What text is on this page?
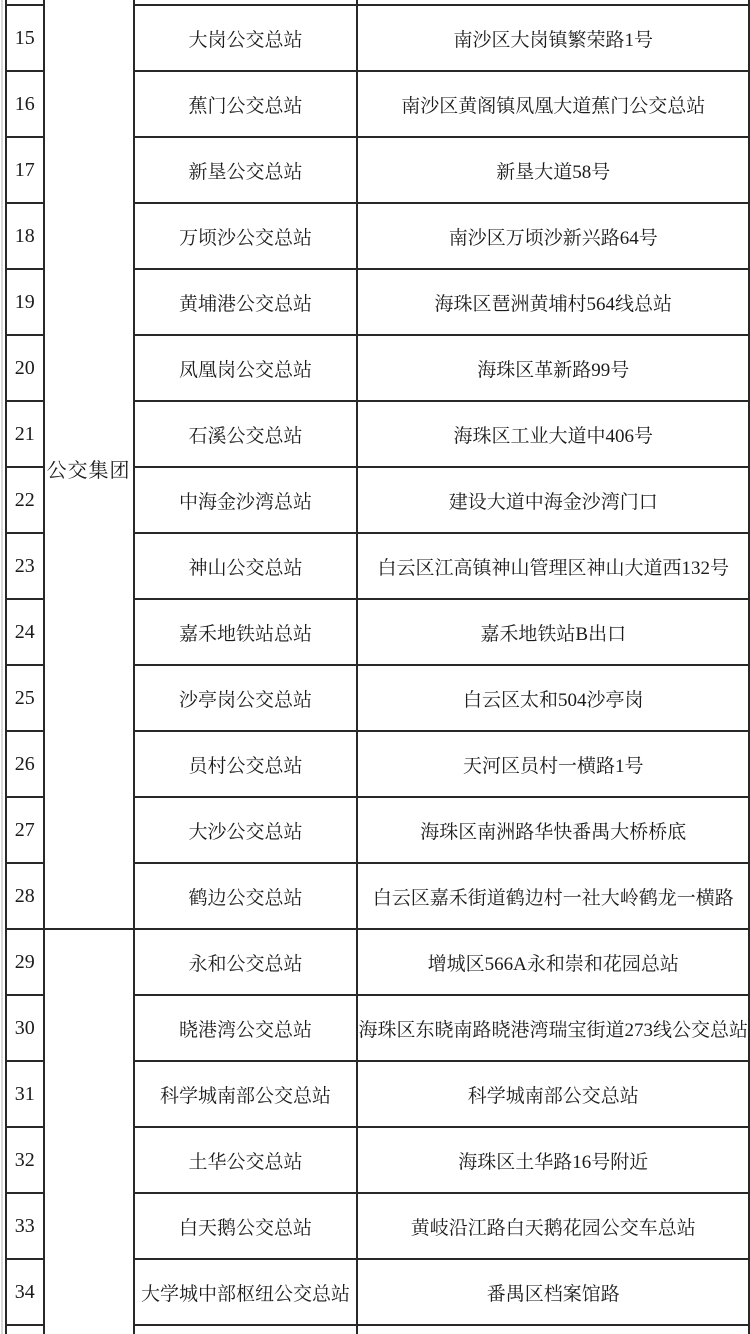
	公交集团		
15		大岗公交总站	南沙区大岗镇繁荣路1号
16		蕉门公交总站	南沙区黄阁镇凤凰大道蕉门公交总站
17		新垦公交总站	新垦大道58号
18		万顷沙公交总站	南沙区万顷沙新兴路64号
19		黄埔港公交总站	海珠区琶洲黄埔村564线总站
20		凤凰岗公交总站	海珠区革新路99号
21		石溪公交总站	海珠区工业大道中406号
22		中海金沙湾总站	建设大道中海金沙湾门口
23		神山公交总站	白云区江高镇神山管理区神山大道西132号
24		嘉禾地铁站总站	嘉禾地铁站B出口
25		沙亭岗公交总站	白云区太和504沙亭岗
26		员村公交总站	天河区员村一横路1号
27		大沙公交总站	海珠区南洲路华快番禺大桥桥底
28		鹤边公交总站	白云区嘉禾街道鹤边村一社大岭鹤龙一横路
29		永和公交总站	增城区566A永和崇和花园总站
30		晓港湾公交总站	海珠区东晓南路晓港湾瑞宝街道273线公交总站
31		科学城南部公交总站	科学城南部公交总站
32		土华公交总站	海珠区土华路16号附近
33		白天鹅公交总站	黄岐沿江路白天鹅花园公交车总站
34		大学城中部枢纽公交总站	番禺区档案馆路
